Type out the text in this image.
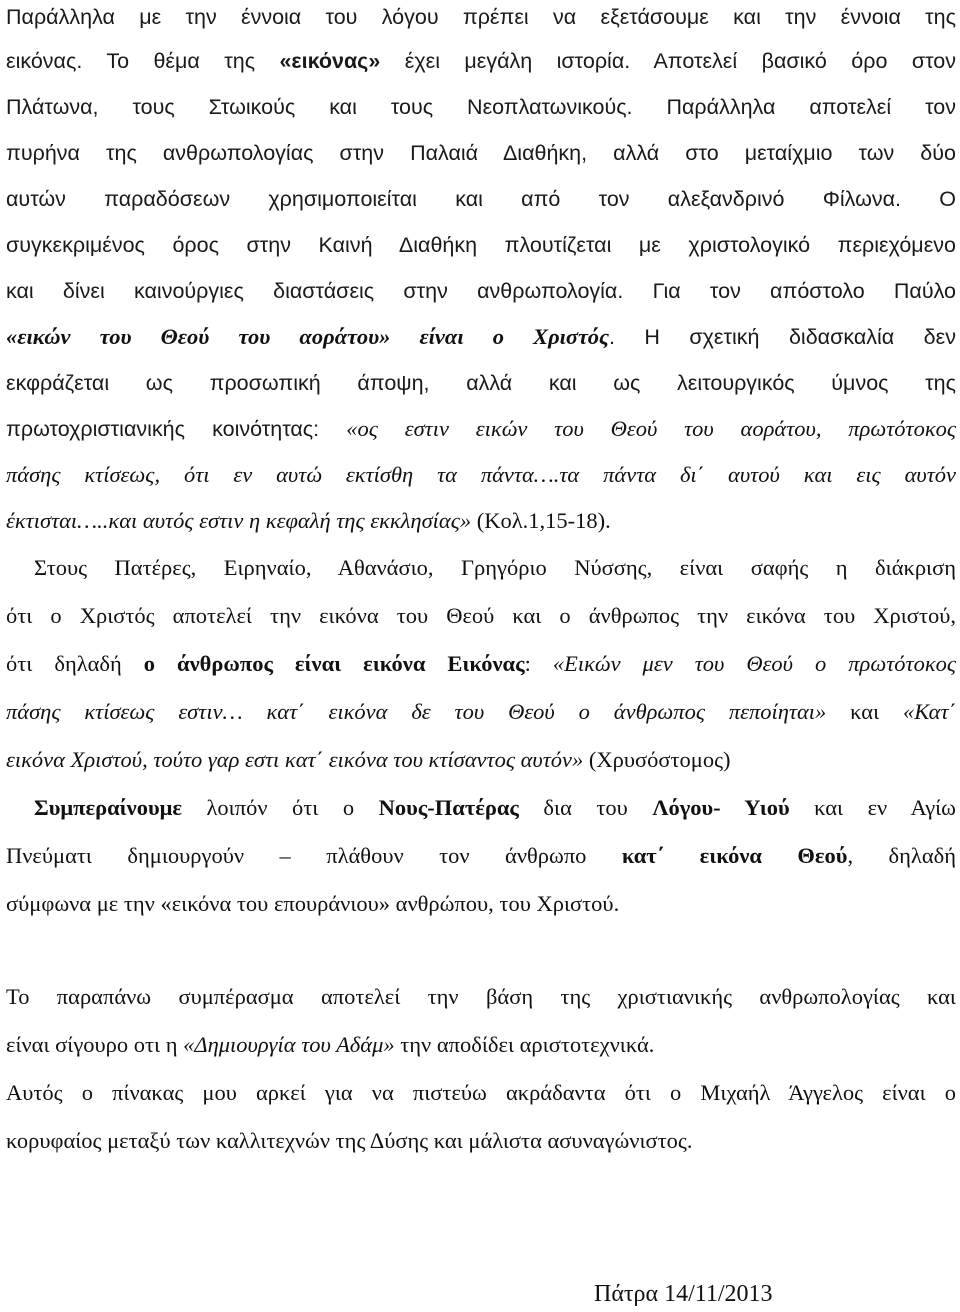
Παράλληλα με την έννοια του λόγου πρέπει να εξετάσουμε και την έννοια της
εικόνας. Το θέμα της «εικόνας» έχει μεγάλη ιστορία. Αποτελεί βασικό όρο στον
Πλάτωνα, τους Στωικούς και τους Νεοπλατωνικούς. Παράλληλα αποτελεί τον
πυρήνα της ανθρωπολογίας στην Παλαιά Διαθήκη, αλλά στο μεταίχμιο των δύο
αυτών παραδόσεων χρησιμοποιείται και από τον αλεξανδρινό Φίλωνα. Ο
συγκεκριμένος όρος στην Καινή Διαθήκη πλουτίζεται με χριστολογικό περιεχόμενο
και δίνει καινούργιες διαστάσεις στην ανθρωπολογία. Για τον απόστολο Παύλο
«εικών του Θεού του αοράτου» είναι ο Χριστός. Η σχετική διδασκαλία δεν
εκφράζεται ως προσωπική άποψη, αλλά και ως λειτουργικός ύμνος της
πρωτοχριστιανικής κοινότητας: «ος εστιν εικών του Θεού του αοράτου, πρωτότοκος
πάσης κτίσεως, ότι εν αυτώ εκτίσθη τα πάντα….τα πάντα δι΄ αυτού και εις αυτόν
έκτισται…..και αυτός εστιν η κεφαλή της εκκλησίας» (Κολ.1,15-18).
Στους Πατέρες, Ειρηναίο, Αθανάσιο, Γρηγόριο Νύσσης, είναι σαφής η διάκριση
ότι ο Χριστός αποτελεί την εικόνα του Θεού και ο άνθρωπος την εικόνα του Χριστού,
ότι δηλαδή ο άνθρωπος είναι εικόνα Εικόνας: «Εικών μεν του Θεού ο πρωτότοκος
πάσης κτίσεως εστιν… κατ΄ εικόνα δε του Θεού ο άνθρωπος πεποίηται» και «Κατ΄
εικόνα Χριστού, τούτο γαρ εστι κατ΄ εικόνα του κτίσαντος αυτόν» (Χρυσόστομος)
Συμπεραίνουμε λοιπόν ότι ο Νους-Πατέρας δια του Λόγου- Υιού και εν Αγίω
Πνεύματι δημιουργούν – πλάθουν τον άνθρωπο κατ΄ εικόνα Θεού, δηλαδή
σύμφωνα με την «εικόνα του επουράνιου» ανθρώπου, του Χριστού.
Το παραπάνω συμπέρασμα αποτελεί την βάση της χριστιανικής ανθρωπολογίας και
είναι σίγουρο οτι η «Δημιουργία του Αδάμ» την αποδίδει αριστοτεχνικά.
Αυτός ο πίνακας μου αρκεί για να πιστεύω ακράδαντα ότι ο Μιχαήλ Άγγελος είναι ο
κορυφαίος μεταξύ των καλλιτεχνών της Δύσης και μάλιστα ασυναγώνιστος.
Πάτρα 14/11/2013
